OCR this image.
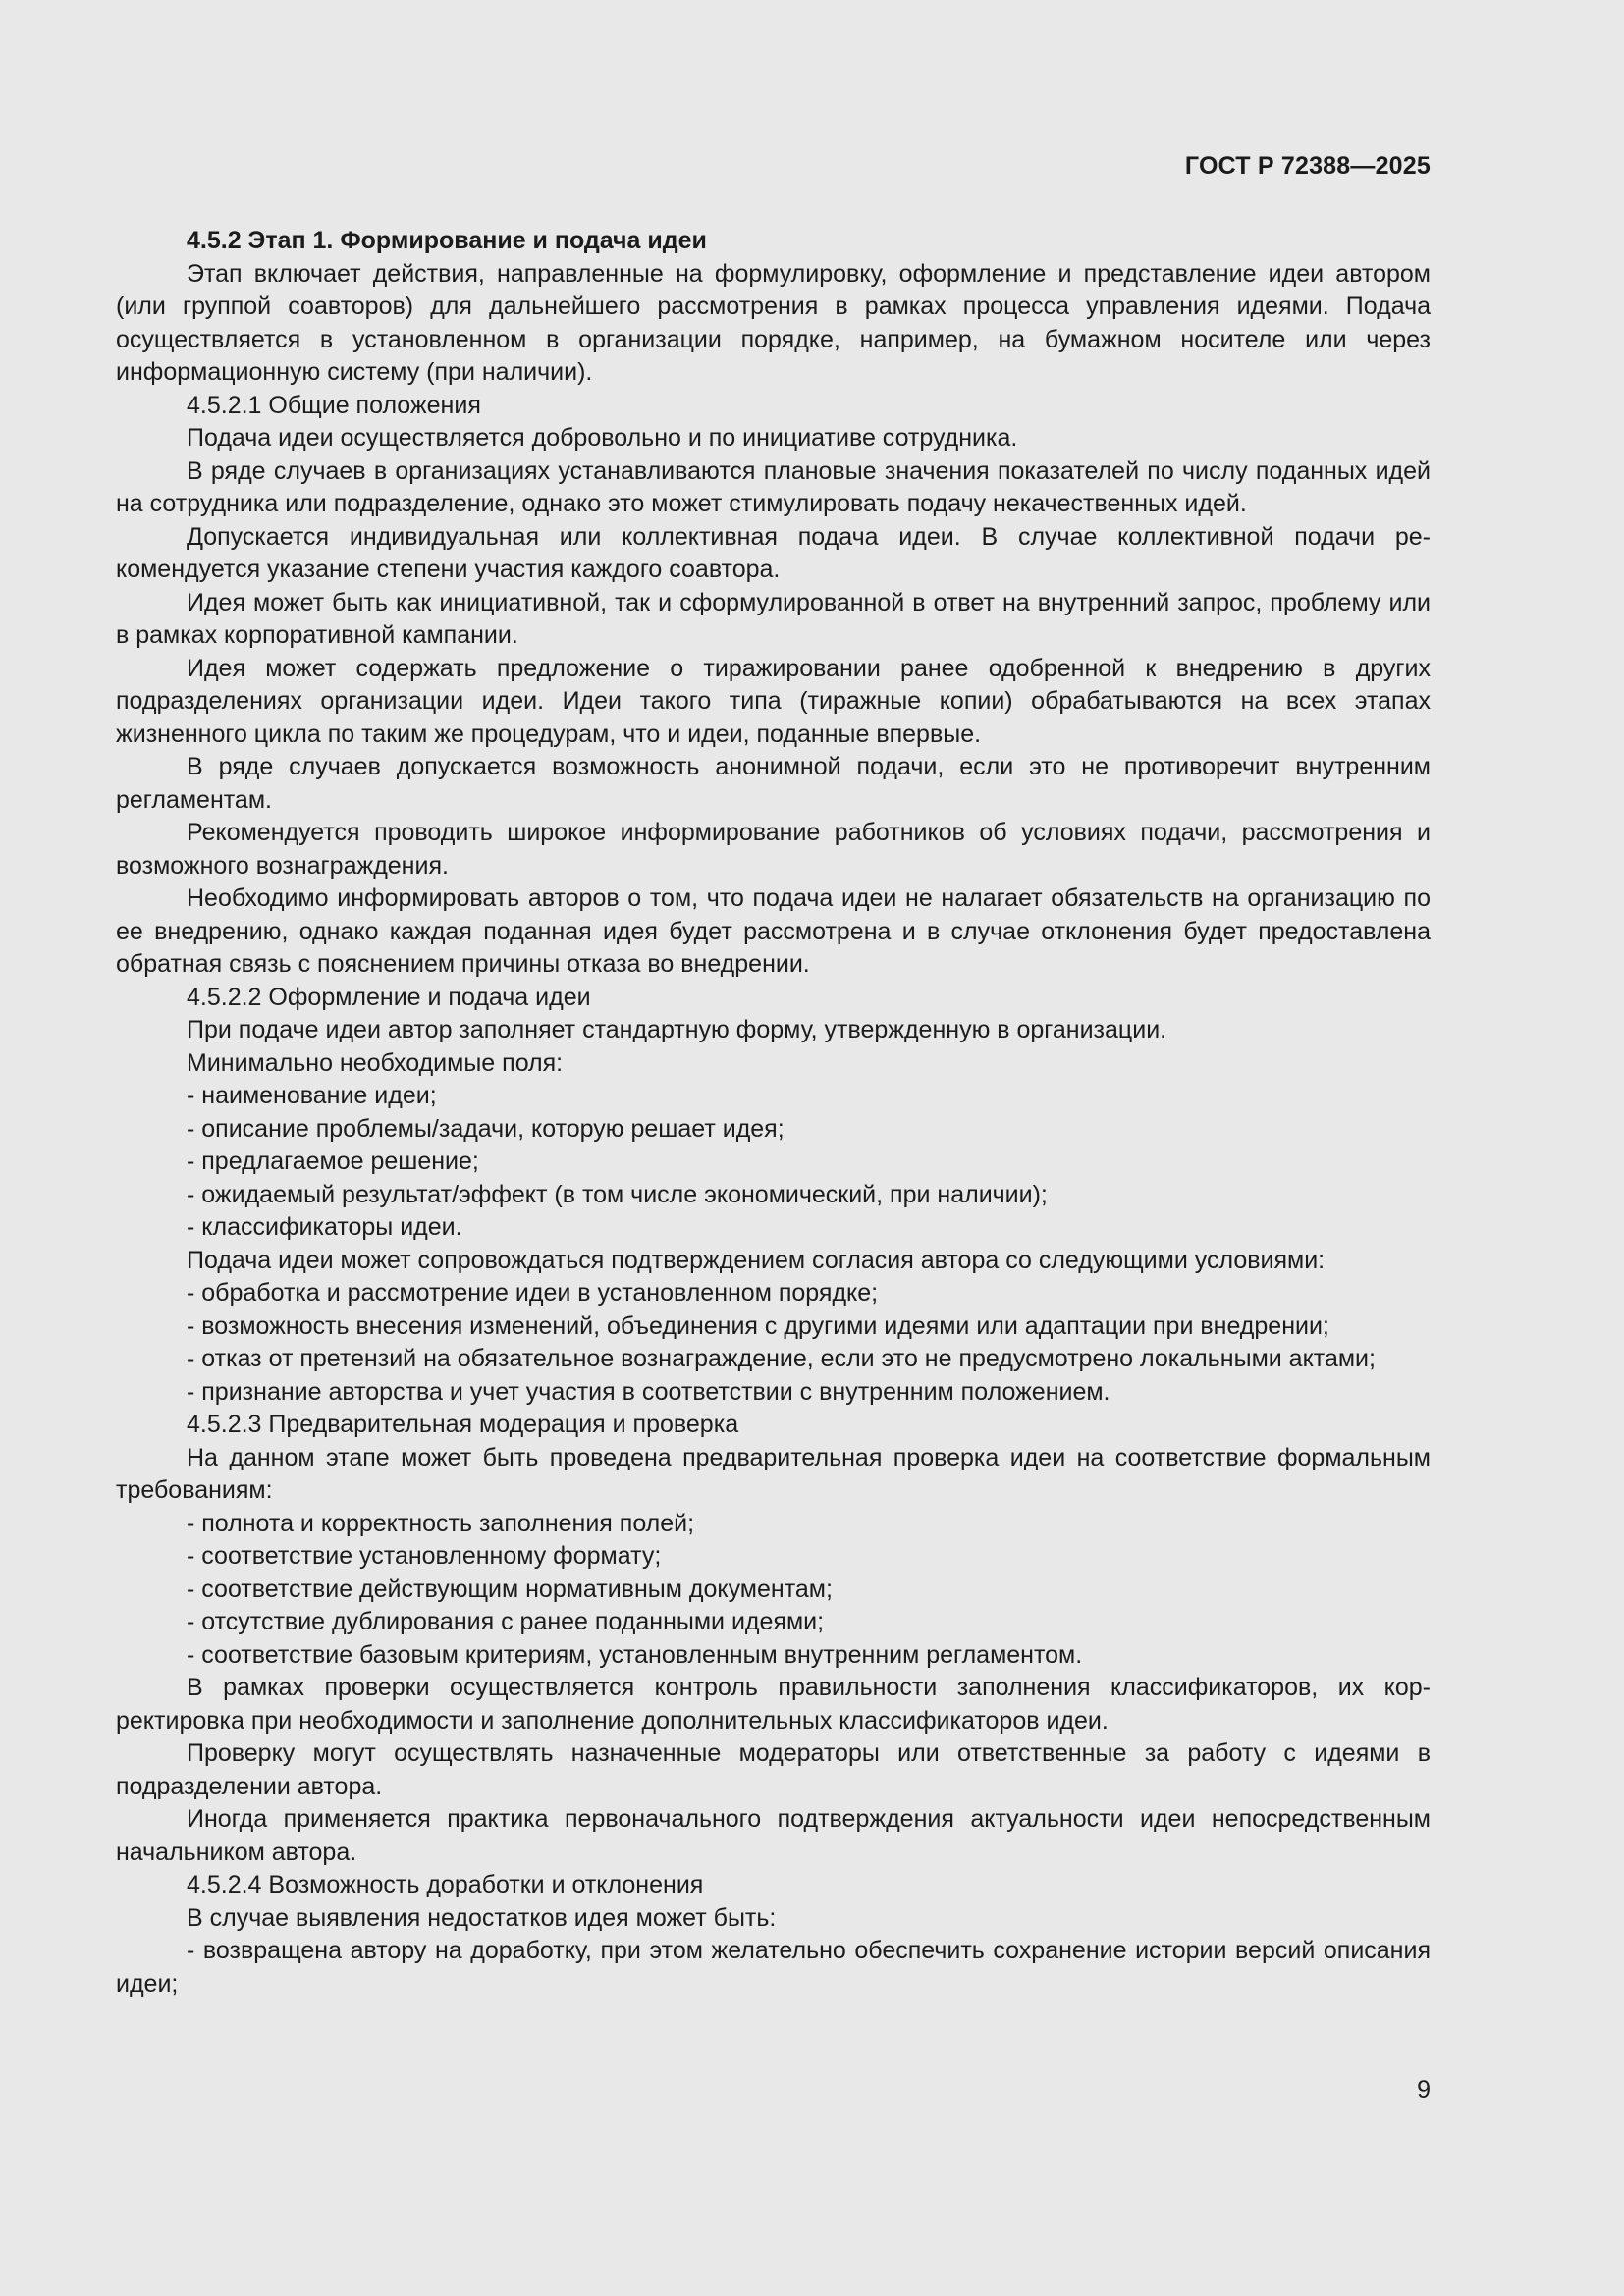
ГОСТ Р 72388—2025

4.5.2 Этап 1. Формирование и подача идеи

Этап включает действия, направленные на формулировку, оформление и представление идеи автором (или группой соавторов) для дальнейшего рассмотрения в рамках процесса управления идеями. Подача осуществляется в установленном в организации порядке, например, на бумажном носителе или через информационную систему (при наличии).

4.5.2.1 Общие положения

Подача идеи осуществляется добровольно и по инициативе сотрудника.

В ряде случаев в организациях устанавливаются плановые значения показателей по числу поданных идей на сотрудника или подразделение, однако это может стимулировать подачу некачественных идей.

Допускается индивидуальная или коллективная подача идеи. В случае коллективной подачи рекомендуется указание степени участия каждого соавтора.

Идея может быть как инициативной, так и сформулированной в ответ на внутренний запрос, проблему или в рамках корпоративной кампании.

Идея может содержать предложение о тиражировании ранее одобренной к внедрению в других подразделениях организации идеи. Идеи такого типа (тиражные копии) обрабатываются на всех этапах жизненного цикла по таким же процедурам, что и идеи, поданные впервые.

В ряде случаев допускается возможность анонимной подачи, если это не противоречит внутренним регламентам.

Рекомендуется проводить широкое информирование работников об условиях подачи, рассмотрения и возможного вознаграждения.

Необходимо информировать авторов о том, что подача идеи не налагает обязательств на организацию по ее внедрению, однако каждая поданная идея будет рассмотрена и в случае отклонения будет предоставлена обратная связь с пояснением причины отказа во внедрении.

4.5.2.2 Оформление и подача идеи

При подаче идеи автор заполняет стандартную форму, утвержденную в организации.

Минимально необходимые поля:

- наименование идеи;

- описание проблемы/задачи, которую решает идея;

- предлагаемое решение;

- ожидаемый результат/эффект (в том числе экономический, при наличии);

- классификаторы идеи.

Подача идеи может сопровождаться подтверждением согласия автора со следующими условиями:

- обработка и рассмотрение идеи в установленном порядке;

- возможность внесения изменений, объединения с другими идеями или адаптации при внедрении;

- отказ от претензий на обязательное вознаграждение, если это не предусмотрено локальными актами;

- признание авторства и учет участия в соответствии с внутренним положением.

4.5.2.3 Предварительная модерация и проверка

На данном этапе может быть проведена предварительная проверка идеи на соответствие формальным требованиям:

- полнота и корректность заполнения полей;

- соответствие установленному формату;

- соответствие действующим нормативным документам;

- отсутствие дублирования с ранее поданными идеями;

- соответствие базовым критериям, установленным внутренним регламентом.

В рамках проверки осуществляется контроль правильности заполнения классификаторов, их корректировка при необходимости и заполнение дополнительных классификаторов идеи.

Проверку могут осуществлять назначенные модераторы или ответственные за работу с идеями в подразделении автора.

Иногда применяется практика первоначального подтверждения актуальности идеи непосредственным начальником автора.

4.5.2.4 Возможность доработки и отклонения

В случае выявления недостатков идея может быть:

- возвращена автору на доработку, при этом желательно обеспечить сохранение истории версий описания идеи;

9
